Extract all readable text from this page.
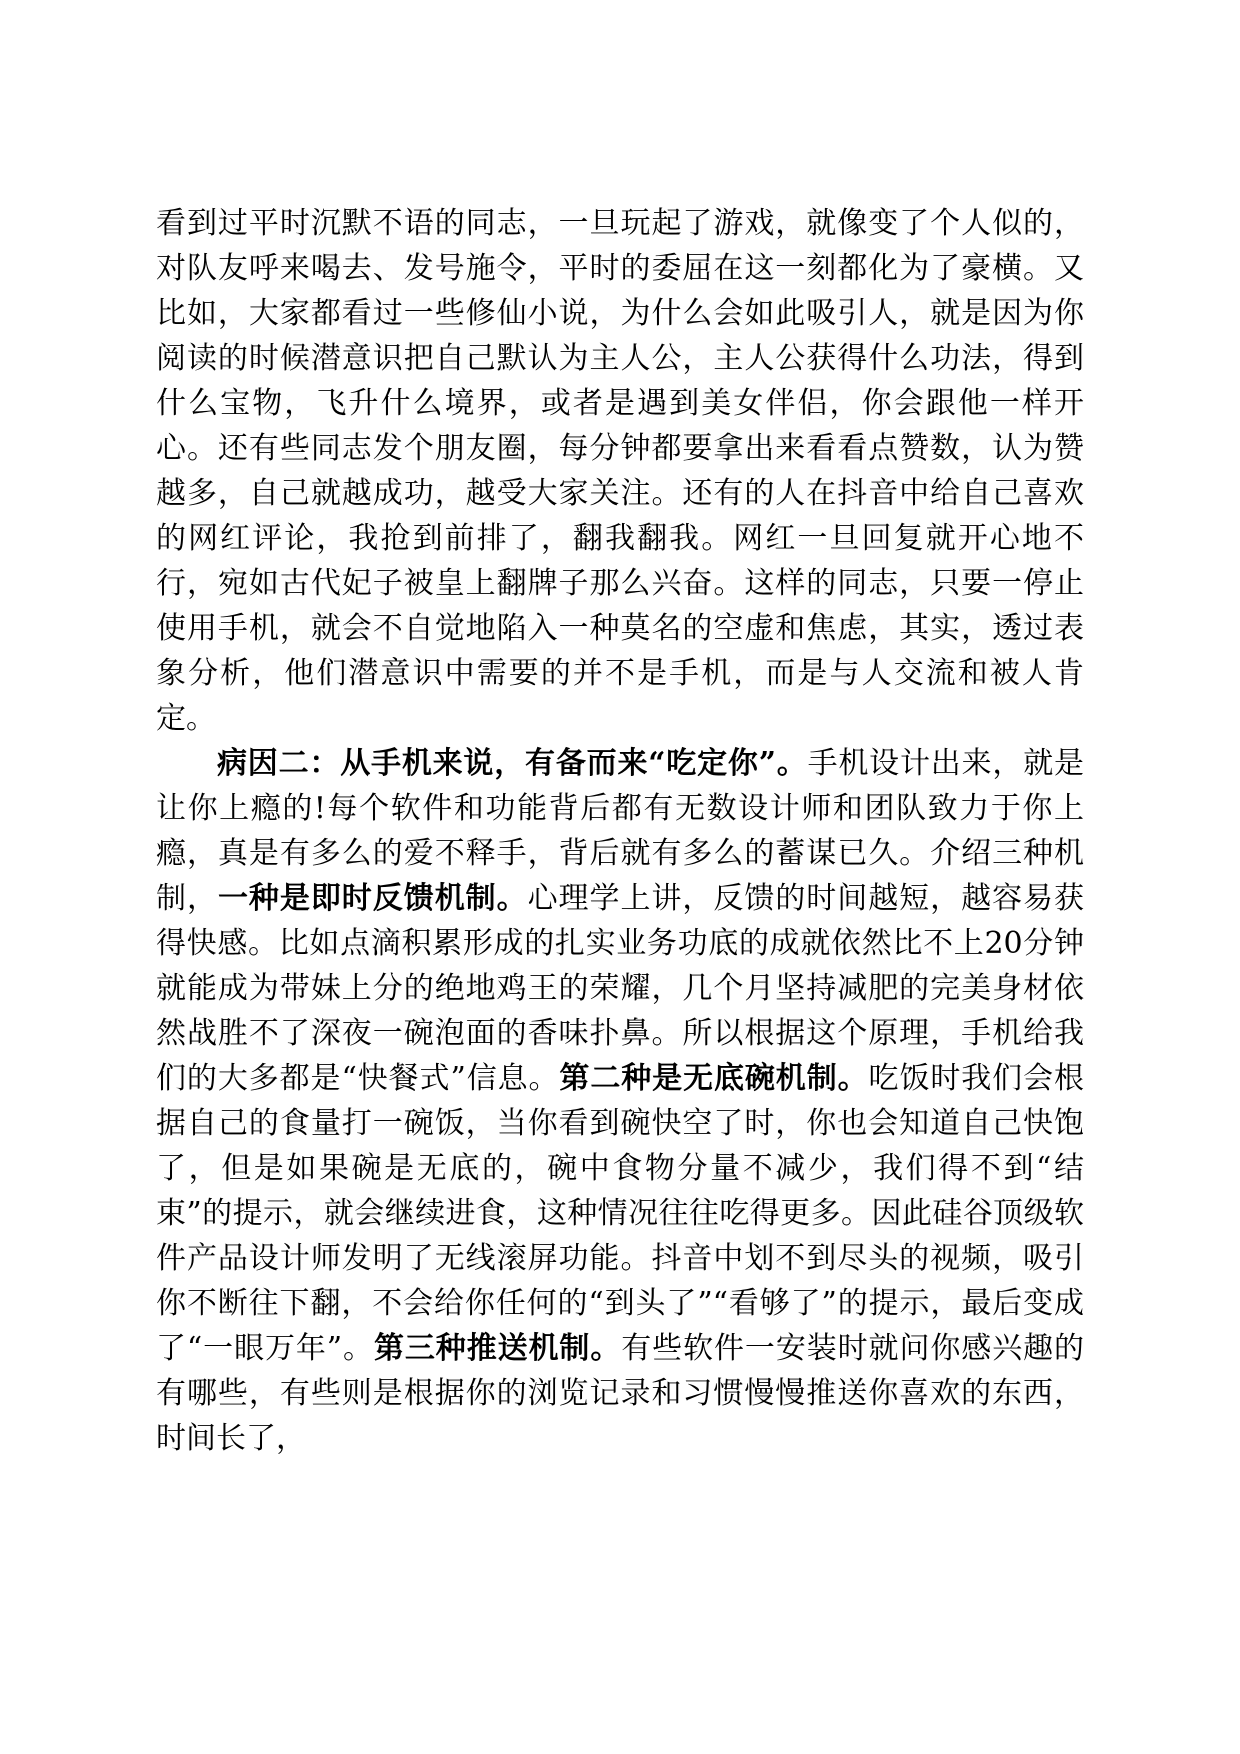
看到过平时沉默不语的同志，一旦玩起了游戏，就像变了个人似的，对队友呼来喝去、发号施令，平时的委屈在这一刻都化为了豪横。又比如，大家都看过一些修仙小说，为什么会如此吸引人，就是因为你阅读的时候潜意识把自己默认为主人公，主人公获得什么功法，得到什么宝物，飞升什么境界，或者是遇到美女伴侣，你会跟他一样开心。还有些同志发个朋友圈，每分钟都要拿出来看看点赞数，认为赞越多，自己就越成功，越受大家关注。还有的人在抖音中给自己喜欢的网红评论，我抢到前排了，翻我翻我。网红一旦回复就开心地不行，宛如古代妃子被皇上翻牌子那么兴奋。这样的同志，只要一停止使用手机，就会不自觉地陷入一种莫名的空虚和焦虑，其实，透过表象分析，他们潜意识中需要的并不是手机，而是与人交流和被人肯定。

病因二：从手机来说，有备而来“吃定你”。手机设计出来，就是让你上瘾的!每个软件和功能背后都有无数设计师和团队致力于你上瘾，真是有多么的爱不释手，背后就有多么的蓄谋已久。介绍三种机制，一种是即时反馈机制。心理学上讲，反馈的时间越短，越容易获得快感。比如点滴积累形成的扎实业务功底的成就依然比不上20分钟就能成为带妹上分的绝地鸡王的荣耀，几个月坚持减肥的完美身材依然战胜不了深夜一碗泡面的香味扑鼻。所以根据这个原理，手机给我们的大多都是“快餐式”信息。第二种是无底碗机制。吃饭时我们会根据自己的食量打一碗饭，当你看到碗快空了时，你也会知道自己快饱了，但是如果碗是无底的，碗中食物分量不减少，我们得不到“结束”的提示，就会继续进食，这种情况往往吃得更多。因此硅谷顶级软件产品设计师发明了无线滚屏功能。抖音中划不到尽头的视频，吸引你不断往下翻，不会给你任何的“到头了”“看够了”的提示，最后变成了“一眼万年”。第三种推送机制。有些软件一安装时就问你感兴趣的有哪些，有些则是根据你的浏览记录和习惯慢慢推送你喜欢的东西，时间长了，
